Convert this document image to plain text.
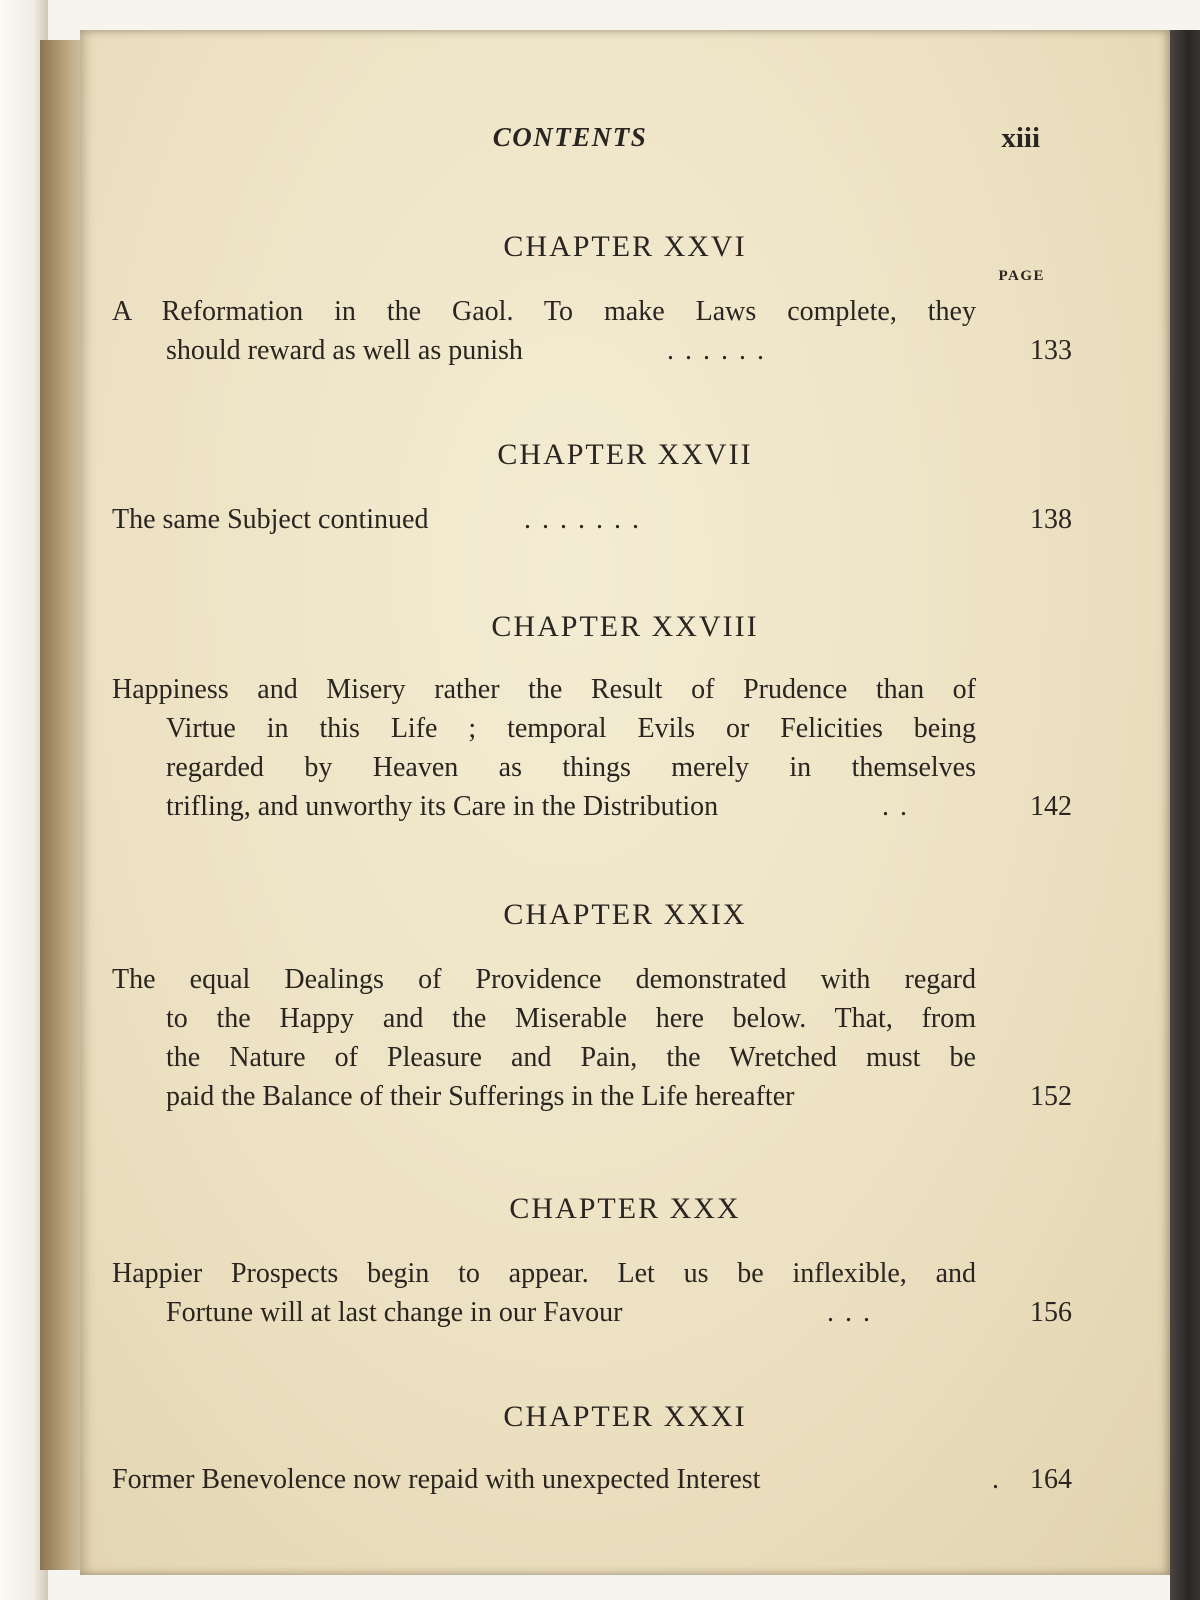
CONTENTS	xiii
PAGE
CHAPTER XXVI
A Reformation in the Gaol. To make Laws complete, they
should reward as well as punish	. . . . . .	133
CHAPTER XXVII
The same Subject continued	. . . . . . .	138
CHAPTER XXVIII
Happiness and Misery rather the Result of Prudence than of
Virtue in this Life ; temporal Evils or Felicities being
regarded by Heaven as things merely in themselves
trifling, and unworthy its Care in the Distribution	. .	142
CHAPTER XXIX
The equal Dealings of Providence demonstrated with regard
to the Happy and the Miserable here below. That, from
the Nature of Pleasure and Pain, the Wretched must be
paid the Balance of their Sufferings in the Life hereafter	152
CHAPTER XXX
Happier Prospects begin to appear. Let us be inflexible, and
Fortune will at last change in our Favour	. . .	156
CHAPTER XXXI
Former Benevolence now repaid with unexpected Interest	. 164
